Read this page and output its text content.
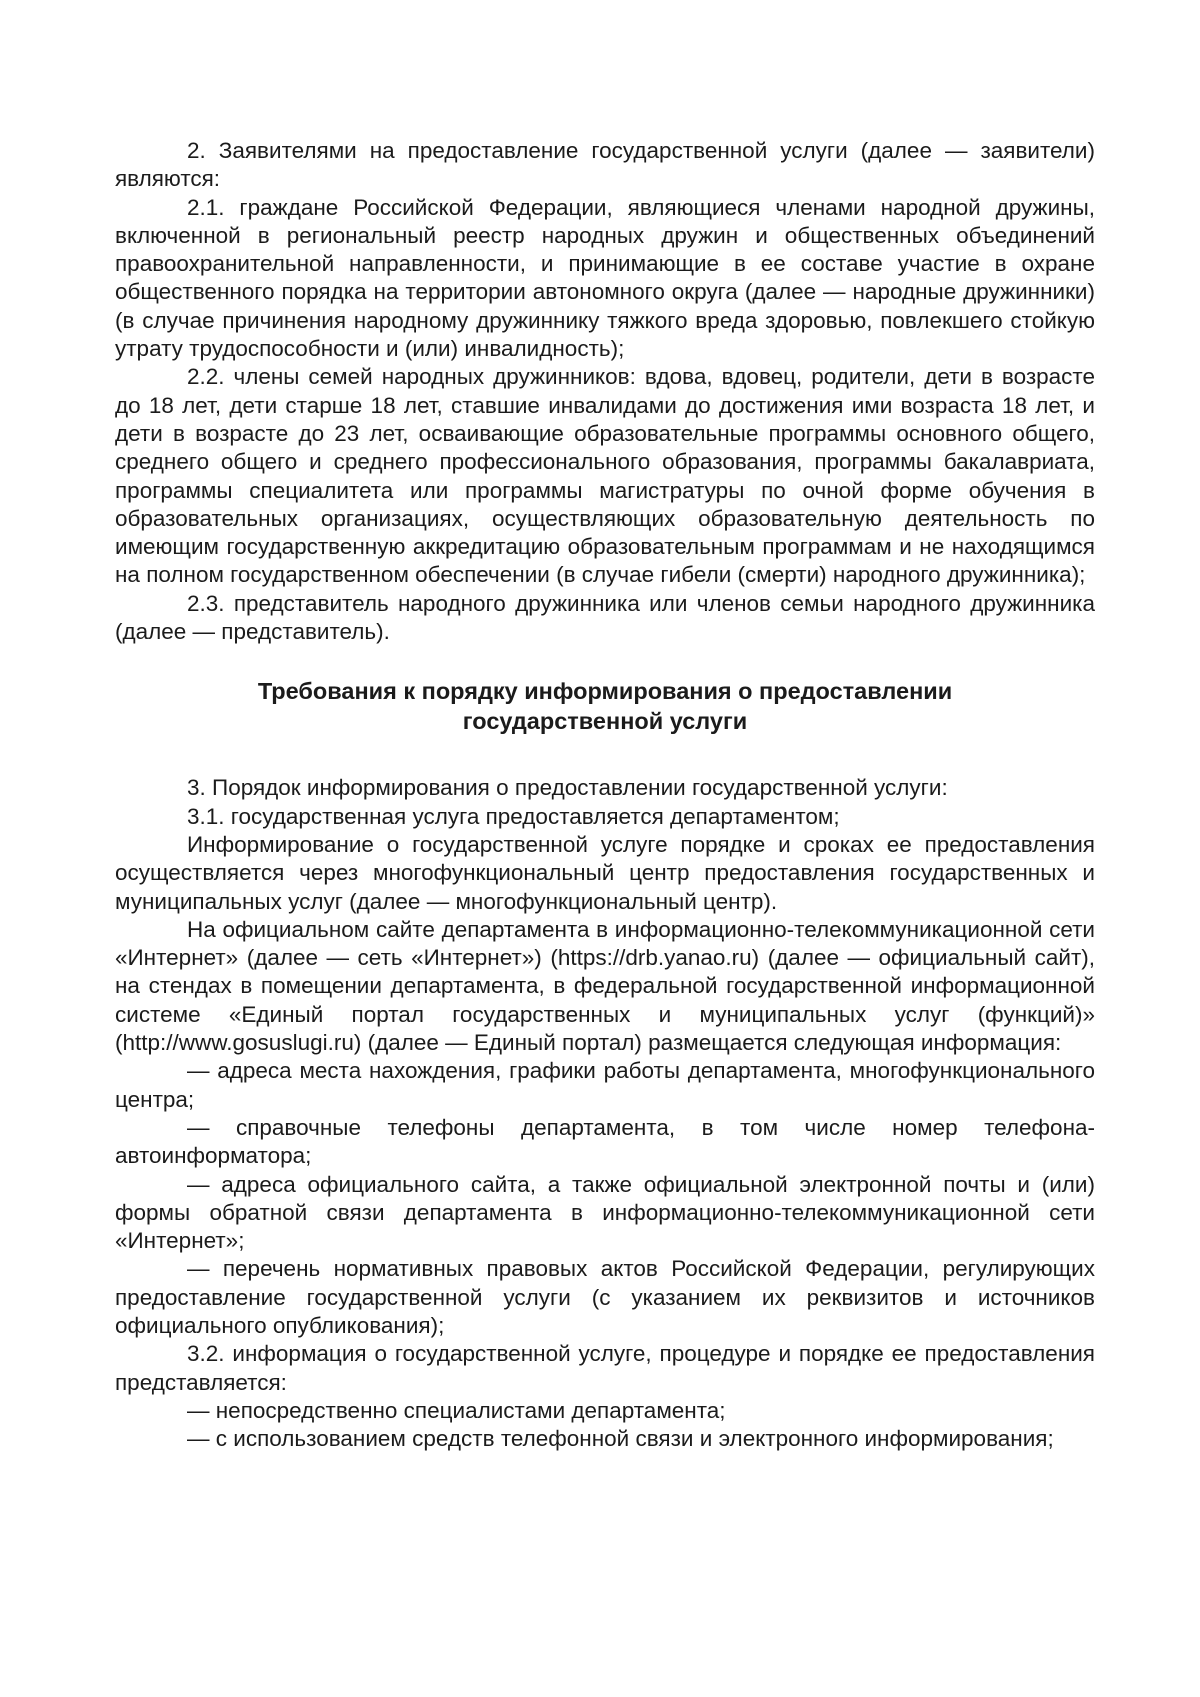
2. Заявителями на предоставление государственной услуги (далее — заявители) являются:

2.1. граждане Российской Федерации, являющиеся членами народной дружины, включенной в региональный реестр народных дружин и общественных объединений правоохранительной направленности, и принимающие в ее составе участие в охране общественного порядка на территории автономного округа (далее — народные дружинники) (в случае причинения народному дружиннику тяжкого вреда здоровью, повлекшего стойкую утрату трудоспособности и (или) инвалидность);

2.2. члены семей народных дружинников: вдова, вдовец, родители, дети в возрасте до 18 лет, дети старше 18 лет, ставшие инвалидами до достижения ими возраста 18 лет, и дети в возрасте до 23 лет, осваивающие образовательные программы основного общего, среднего общего и среднего профессионального образования, программы бакалавриата, программы специалитета или программы магистратуры по очной форме обучения в образовательных организациях, осуществляющих образовательную деятельность по имеющим государственную аккредитацию образовательным программам и не находящимся на полном государственном обеспечении (в случае гибели (смерти) народного дружинника);

2.3. представитель народного дружинника или членов семьи народного дружинника (далее — представитель).

Требования к порядку информирования о предоставлении
государственной услуги

3. Порядок информирования о предоставлении государственной услуги:

3.1. государственная услуга предоставляется департаментом;

Информирование о государственной услуге порядке и сроках ее предоставления осуществляется через многофункциональный центр предоставления государственных и муниципальных услуг (далее — многофункциональный центр).

На официальном сайте департамента в информационно-телекоммуникационной сети «Интернет» (далее — сеть «Интернет») (https://drb.yanao.ru) (далее — официальный сайт), на стендах в помещении департамента, в федеральной государственной информационной системе «Единый портал государственных и муниципальных услуг (функций)» (http://www.gosuslugi.ru) (далее — Единый портал) размещается следующая информация:

— адреса места нахождения, графики работы департамента, многофункционального центра;

— справочные телефоны департамента, в том числе номер телефона-автоинформатора;

— адреса официального сайта, а также официальной электронной почты и (или) формы обратной связи департамента в информационно-телекоммуникационной сети «Интернет»;

— перечень нормативных правовых актов Российской Федерации, регулирующих предоставление государственной услуги (с указанием их реквизитов и источников официального опубликования);

3.2. информация о государственной услуге, процедуре и порядке ее предоставления представляется:

— непосредственно специалистами департамента;

— с использованием средств телефонной связи и электронного информирования;
